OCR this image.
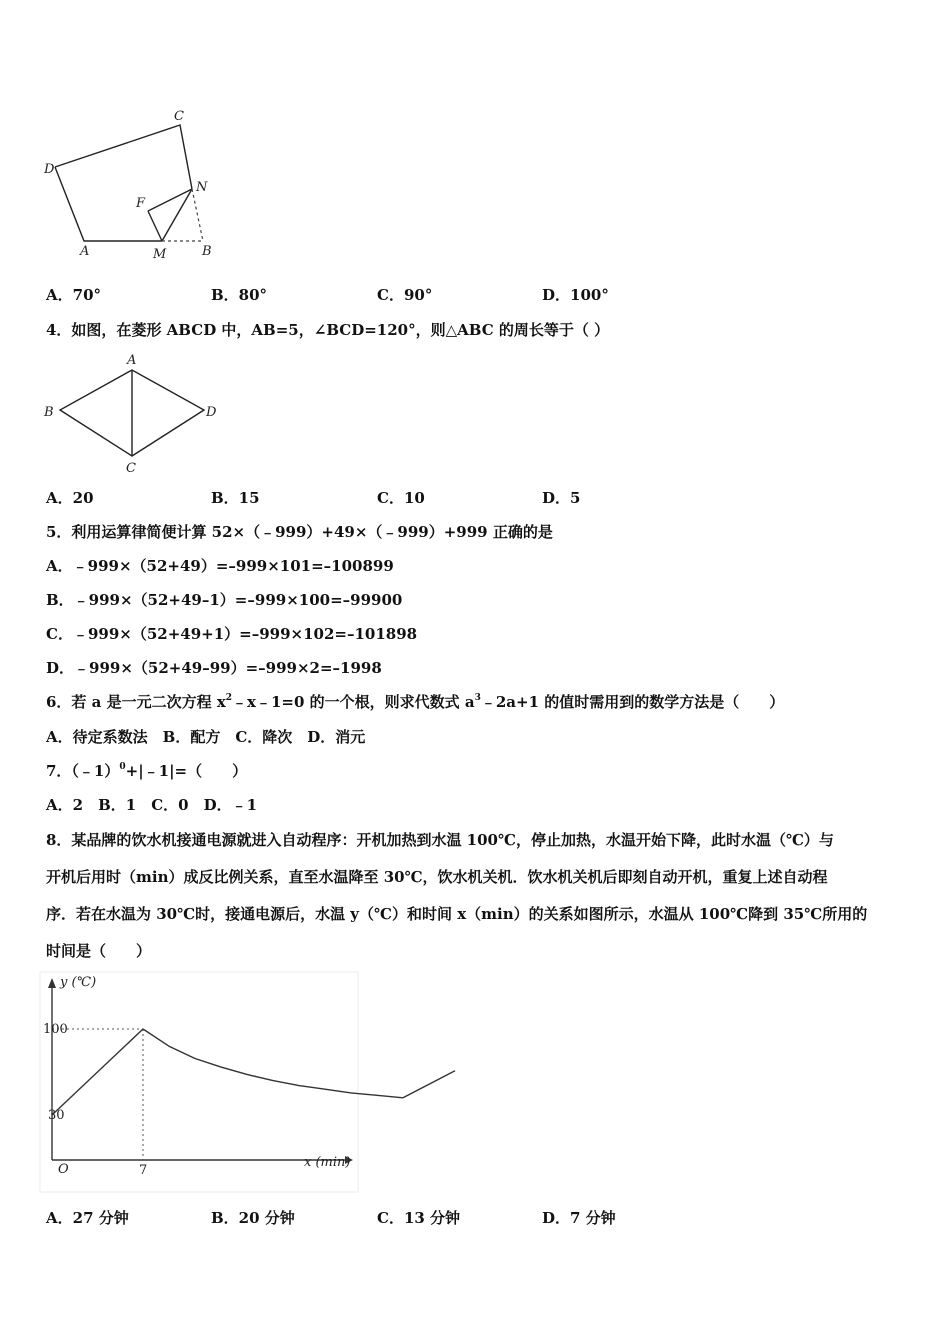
C
D
F
N
A	M	B
A．70°	B．80°	C．90°	D．100°
4．如图，在菱形 ABCD 中，AB=5，∠BCD=120°，则△ABC 的周长等于（ ）
A
B
C
D
A．20	B．15	C．10	D．5
5．利用运算律简便计算 52×（﹣999）+49×（﹣999）+999 正确的是
A．﹣999×（52+49）=–999×101=–100899
B．﹣999×（52+49–1）=–999×100=–99900
C．﹣999×（52+49+1）=–999×102=–101898
D．﹣999×（52+49–99）=–999×2=–1998
6．若 a 是一元二次方程 $x^2﹣x﹣1=0$ 的一个根，则求代数式 $a^3﹣2a+1$ 的值时需用到的数学方法是（　　）
A．待定系数法　B．配方　C．降次　D．消元
7．（﹣1）$^0$+|﹣1|=（　　）
A．2　B．1　C．0　D．﹣1
8．某品牌的饮水机接通电源就进入自动程序：开机加热到水温 100℃，停止加热，水温开始下降，此时水温（℃）与
开机后用时（min）成反比例关系，直至水温降至 30℃，饮水机关机．饮水机关机后即刻自动开机，重复上述自动程
序．若在水温为 30℃时，接通电源后，水温 y（℃）和时间 x（min）的关系如图所示，水温从 100℃降到 35℃所用的
时间是（　　）
y (℃)
x (min)
O	7
100
30
A．27 分钟	B．20 分钟	C．13 分钟	D．7 分钟
